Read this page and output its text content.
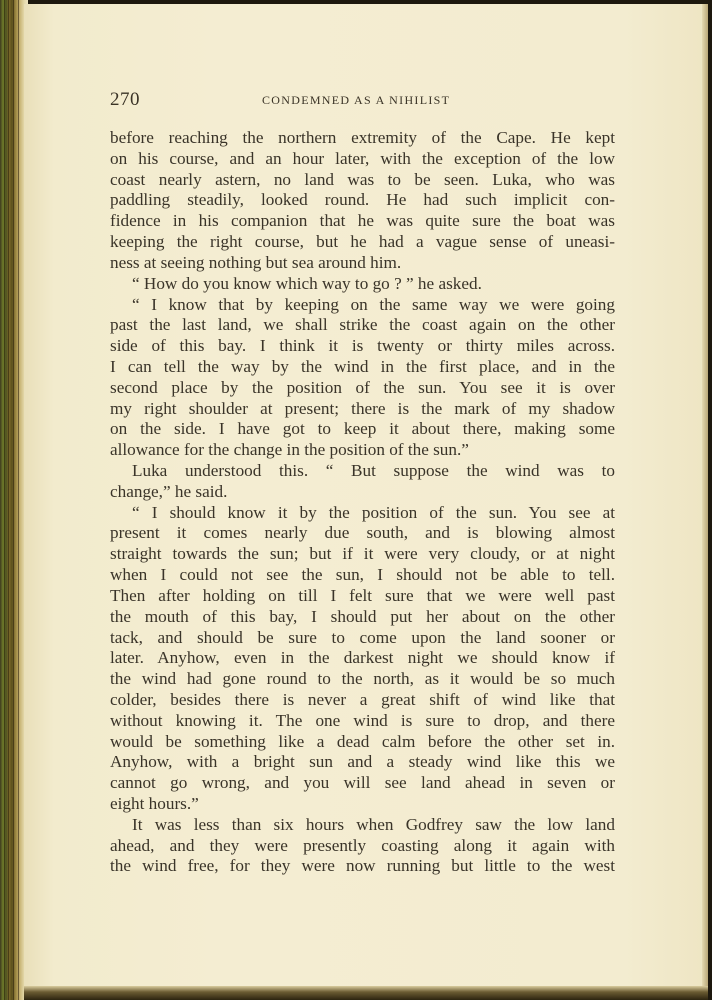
270	CONDEMNED AS A NIHILIST
before reaching the northern extremity of the Cape. He kept
on his course, and an hour later, with the exception of the low
coast nearly astern, no land was to be seen. Luka, who was
paddling steadily, looked round. He had such implicit con-
fidence in his companion that he was quite sure the boat was
keeping the right course, but he had a vague sense of uneasi-
ness at seeing nothing but sea around him.
“ How do you know which way to go ? ” he asked.
“ I know that by keeping on the same way we were going
past the last land, we shall strike the coast again on the other
side of this bay. I think it is twenty or thirty miles across.
I can tell the way by the wind in the first place, and in the
second place by the position of the sun. You see it is over
my right shoulder at present; there is the mark of my shadow
on the side. I have got to keep it about there, making some
allowance for the change in the position of the sun.”
Luka understood this. “ But suppose the wind was to
change,” he said.
“ I should know it by the position of the sun. You see at
present it comes nearly due south, and is blowing almost
straight towards the sun; but if it were very cloudy, or at night
when I could not see the sun, I should not be able to tell.
Then after holding on till I felt sure that we were well past
the mouth of this bay, I should put her about on the other
tack, and should be sure to come upon the land sooner or
later. Anyhow, even in the darkest night we should know if
the wind had gone round to the north, as it would be so much
colder, besides there is never a great shift of wind like that
without knowing it. The one wind is sure to drop, and there
would be something like a dead calm before the other set in.
Anyhow, with a bright sun and a steady wind like this we
cannot go wrong, and you will see land ahead in seven or
eight hours.”
It was less than six hours when Godfrey saw the low land
ahead, and they were presently coasting along it again with
the wind free, for they were now running but little to the west
